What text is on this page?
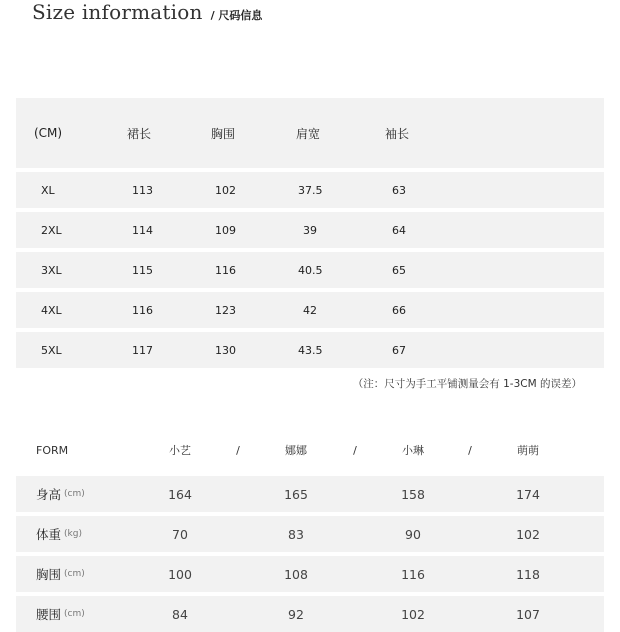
Size information / 尺码信息
(CM)	裙长	胸围	肩宽	袖长
XL	113	102	37.5	63
2XL	114	109	39	64
3XL	115	116	40.5	65
4XL	116	123	42	66
5XL	117	130	43.5	67
（注：尺寸为手工平铺测量会有 1-3CM 的误差）
FORM	小艺	/	娜娜	/	小琳	/	萌萌
身高 (cm)	164	165	158	174
体重 (kg)	70	83	90	102
胸围 (cm)	100	108	116	118
腰围 (cm)	84	92	102	107
